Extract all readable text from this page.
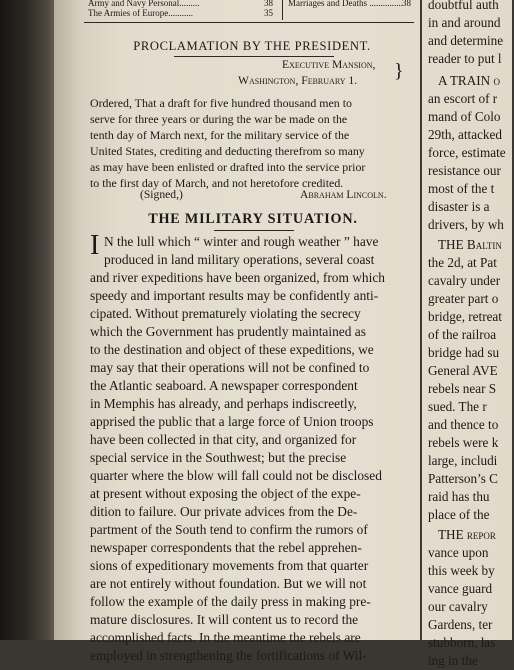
Army and Navy Personal.........	38 Marriages and Deaths ............... 38
The Armies of Europe...........	35
PROCLAMATION BY THE PRESIDENT.
Executive Mansion,
Washington, February 1. }
Ordered, That a draft for five hundred thousand men to
serve for three years or during the war be made on the
tenth day of March next, for the military service of the
United States, crediting and deducting therefrom so many
as may have been enlisted or drafted into the service prior
to the first day of March, and not heretofore credited.
(Signed,)	Abraham Lincoln.
THE MILITARY SITUATION.
I N the lull which “ winter and rough weather ” have
produced in land military operations, several coast
and river expeditions have been organized, from which
speedy and important results may be confidently anti-
cipated. Without prematurely violating the secrecy
which the Government has prudently maintained as
to the destination and object of these expeditions, we
may say that their operations will not be confined to
the Atlantic seaboard. A newspaper correspondent
in Memphis has already, and perhaps indiscreetly,
apprised the public that a large force of Union troops
have been collected in that city, and organized for
special service in the Southwest; but the precise
quarter where the blow will fall could not be disclosed
at present without exposing the object of the expe-
dition to failure. Our private advices from the De-
partment of the South tend to confirm the rumors of
newspaper correspondents that the rebel apprehen-
sions of expeditionary movements from that quarter
are not entirely without foundation. But we will not
follow the example of the daily press in making pre-
mature disclosures. It will content us to record the
accomplished facts. In the meantime the rebels are
employed in strengthening the fortifications of Wil-
doubtful auth
in and around
and determine
reader to put l
A TRAIN o
an escort of r
mand of Colo
29th, attacked
force, estimate
resistance our
most of the t
disaster is a
drivers, by wh
THE Baltin
the 2d, at Pat
cavalry under
greater part o
bridge, retreat
of the railroa
bridge had su
General AVE
rebels near S
sued. The r
and thence to
rebels were k
large, includi
Patterson’s C
raid has thu
place of the
THE repor
vance upon
this week by
vance guard
our cavalry
Gardens, ter
stubborn, las
ing in the
